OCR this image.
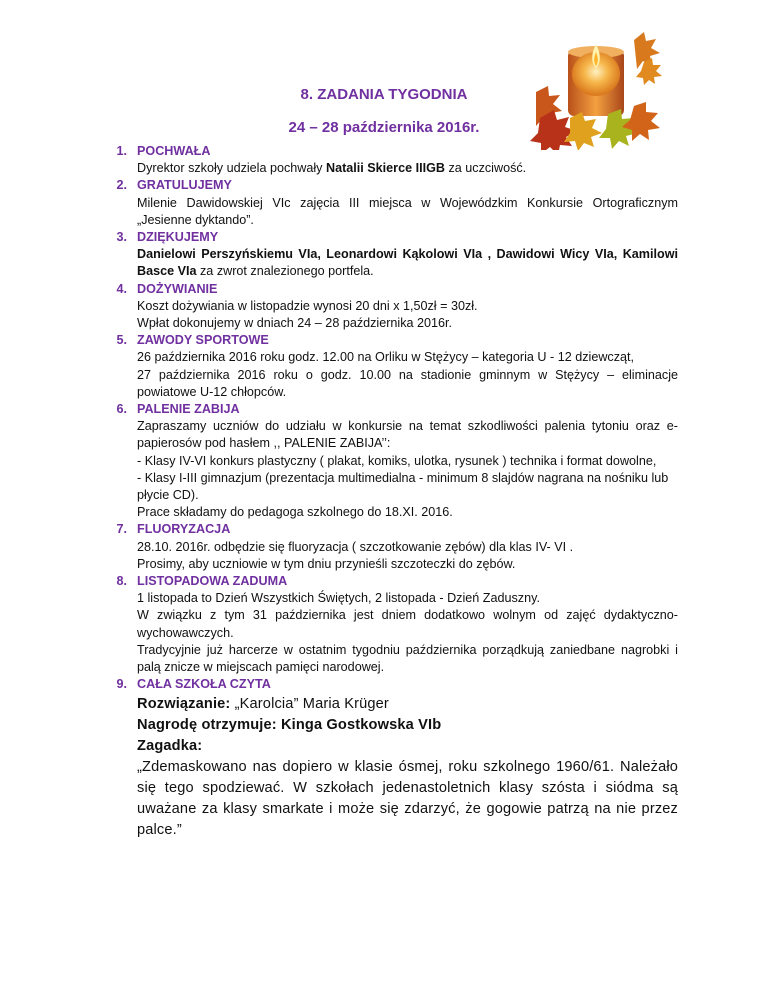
8. ZADANIA TYGODNIA
24 – 28 października 2016r.
1. POCHWAŁA
Dyrektor szkoły udziela pochwały Natalii Skierce IIIGB za uczciwość.
2. GRATULUJEMY
Milenie Dawidowskiej VIc zajęcia III miejsca w Wojewódzkim Konkursie Ortograficznym „Jesienne dyktando”.
3. DZIĘKUJEMY
Danielowi Perszyńskiemu VIa, Leonardowi Kąkolowi VIa , Dawidowi Wicy VIa, Kamilowi Basce VIa za zwrot znalezionego portfela.
4. DOŻYWIANIE
Koszt dożywiania w listopadzie wynosi 20 dni x 1,50zł = 30zł.
Wpłat dokonujemy w dniach 24 – 28 października 2016r.
5. ZAWODY SPORTOWE
26 października 2016 roku godz. 12.00 na Orliku w Stężycy – kategoria U - 12 dziewcząt,
27 października 2016 roku o godz. 10.00 na stadionie gminnym w Stężycy – eliminacje powiatowe U-12 chłopców.
6. PALENIE ZABIJA
Zapraszamy uczniów do udziału w konkursie na temat szkodliwości palenia tytoniu oraz e- papierosów pod hasłem ,, PALENIE ZABIJA’’:
- Klasy IV-VI konkurs plastyczny ( plakat, komiks, ulotka, rysunek ) technika i format dowolne,
- Klasy I-III gimnazjum (prezentacja multimedialna - minimum 8 slajdów nagrana na nośniku lub płycie CD).
Prace składamy do pedagoga szkolnego do 18.XI. 2016.
7. FLUORYZACJA
28.10. 2016r. odbędzie się fluoryzacja ( szczotkowanie zębów) dla klas IV- VI .
Prosimy, aby uczniowie w tym dniu przynieśli szczoteczki do zębów.
8. LISTOPADOWA ZADUMA
1 listopada to Dzień Wszystkich Świętych, 2 listopada - Dzień Zaduszny.
W związku z tym 31 października jest dniem dodatkowo wolnym od zajęć dydaktyczno-wychowawczych.
Tradycyjnie już harcerze w ostatnim tygodniu października porządkują zaniedbane nagrobki i palą znicze w miejscach pamięci narodowej.
9. CAŁA SZKOŁA CZYTA
Rozwiązanie: „Karolcia” Maria Krüger
Nagrodę otrzymuje: Kinga Gostkowska VIb
Zagadka:
„Zdemaskowano nas dopiero w klasie ósmej, roku szkolnego 1960/61. Należało się tego spodziewać. W szkołach jedenastoletnich klasy szósta i siódma są uważane za klasy smarkate i może się zdarzyć, że gogowie patrzą na nie przez palce.”
